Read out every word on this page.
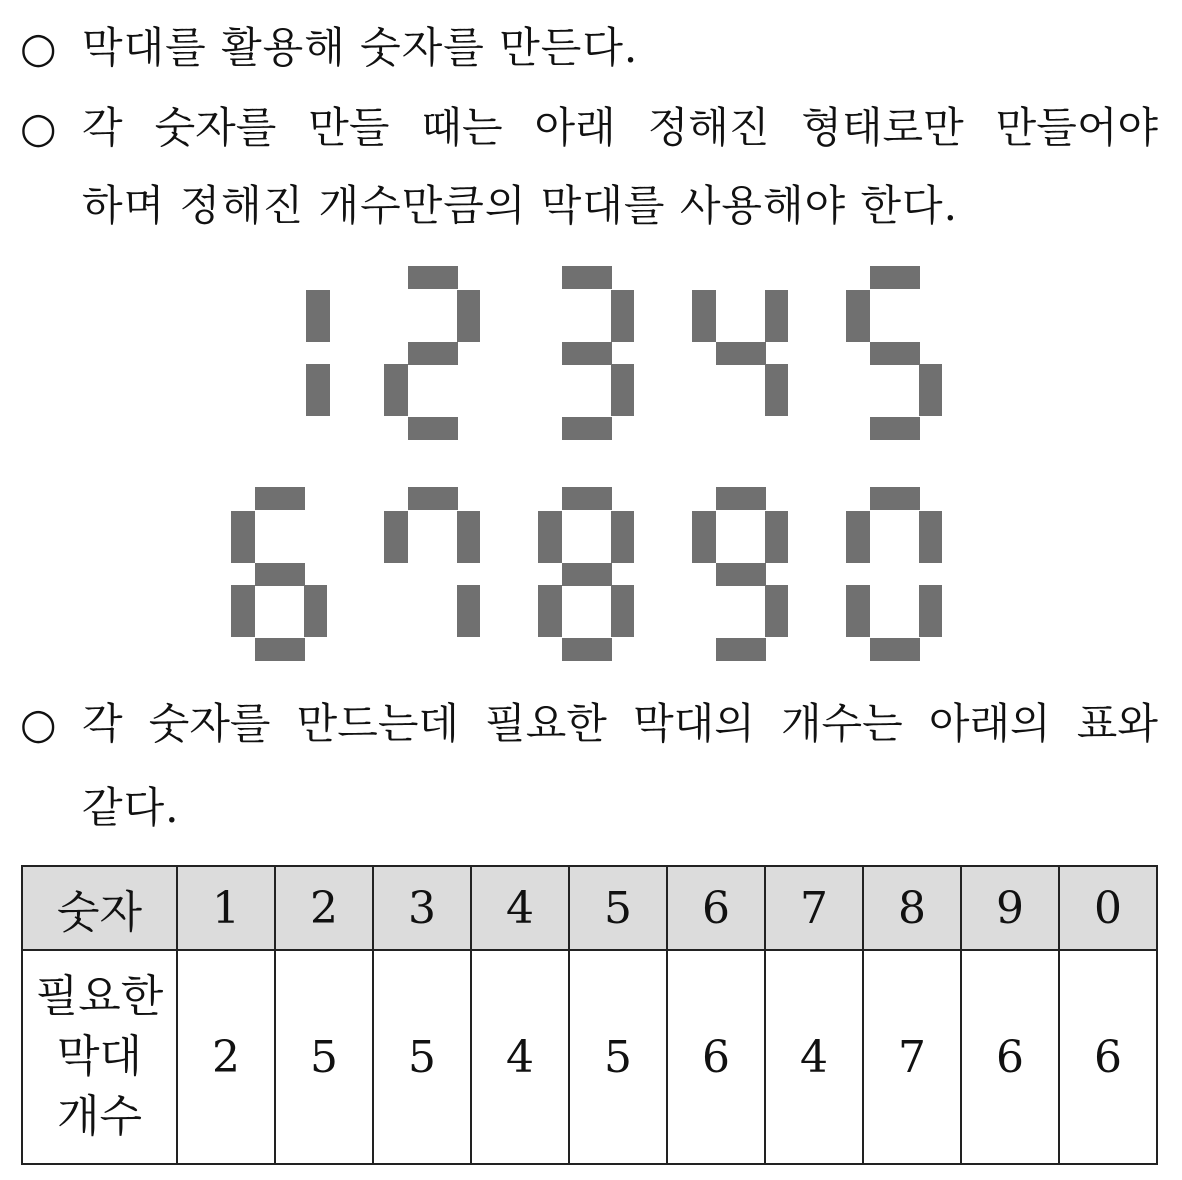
○ 막대를 활용해 숫자를 만든다.
○ 각 숫자를 만들 때는 아래 정해진 형태로만 만들어야
하며 정해진 개수만큼의 막대를 사용해야 한다.
○ 각 숫자를 만드는데 필요한 막대의 개수는 아래의 표와
같다.
숫자	1	2	3	4	5	6	7	8	9	0

필요한
막대
개수	2	5	5	4	5	6	4	7	6	6
